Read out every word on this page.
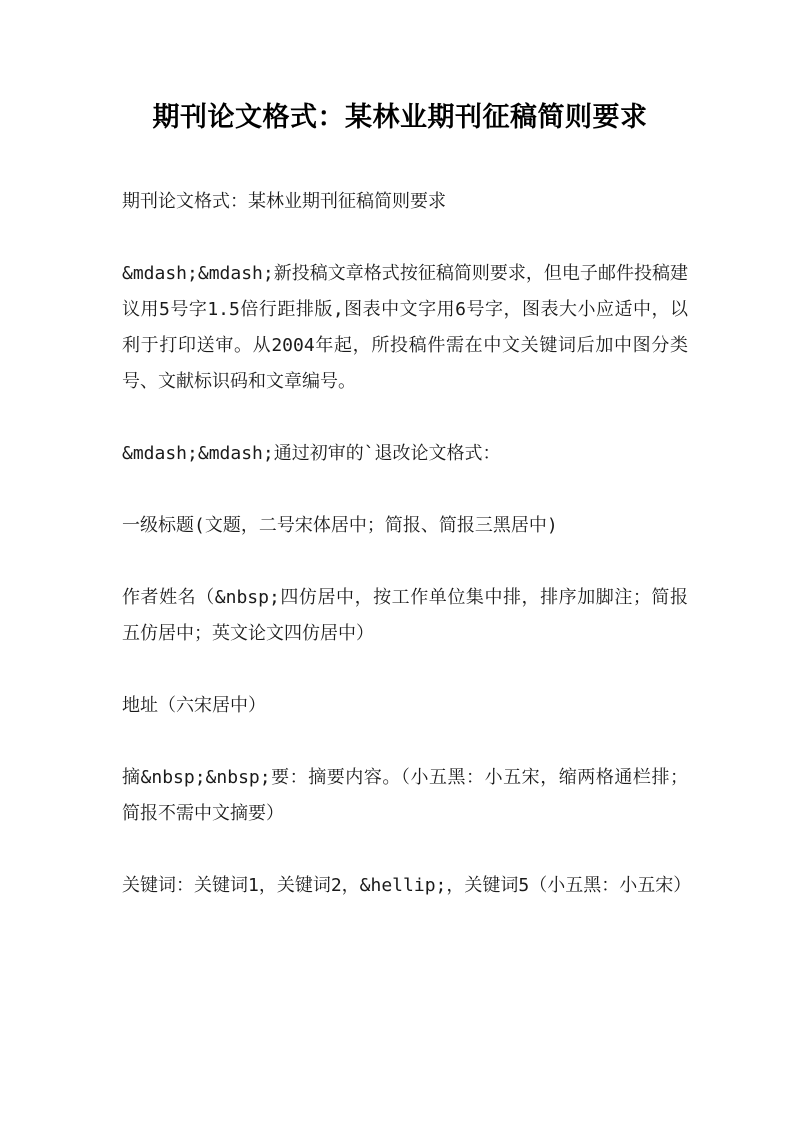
期刊论文格式：某林业期刊征稿简则要求

期刊论文格式：某林业期刊征稿简则要求

&mdash;&mdash;新投稿文章格式按征稿简则要求，但电子邮件投稿建议用5号字1.5倍行距排版,图表中文字用6号字，图表大小应适中，以利于打印送审。从2004年起，所投稿件需在中文关键词后加中图分类号、文献标识码和文章编号。

&mdash;&mdash;通过初审的`退改论文格式：

一级标题(文题，二号宋体居中；简报、简报三黑居中)

作者姓名（&nbsp;四仿居中，按工作单位集中排，排序加脚注；简报五仿居中；英文论文四仿居中）

地址（六宋居中）

摘&nbsp;&nbsp;要：摘要内容。（小五黑：小五宋，缩两格通栏排；简报不需中文摘要）

关键词：关键词1，关键词2，&hellip;，关键词5（小五黑：小五宋）
